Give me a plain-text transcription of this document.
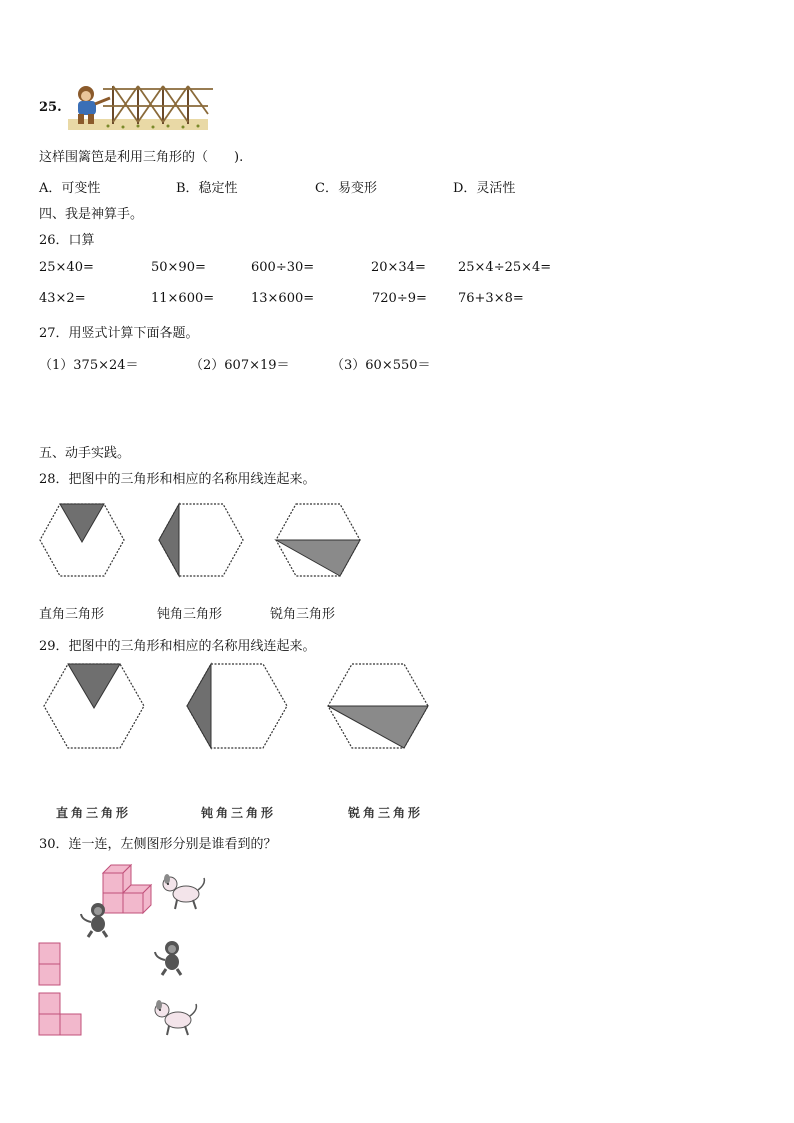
25.
这样围篱笆是利用三角形的（　　).
A．可变性	B．稳定性	C．易变形	D．灵活性
四、我是神算手。
26．口算
25×40=	50×90=	600÷30=	20×34= 25×4÷25×4=
43×2=	11×600=	13×600=	720÷9= 76+3×8=
27．用竖式计算下面各题。
（1）375×24＝	（2）607×19＝	（3）60×550＝
五、动手实践。
28．把图中的三角形和相应的名称用线连起来。
直角三角形	钝角三角形	锐角三角形
29．把图中的三角形和相应的名称用线连起来。
直角三角形	钝角三角形	锐角三角形
30．连一连，左侧图形分别是谁看到的？
